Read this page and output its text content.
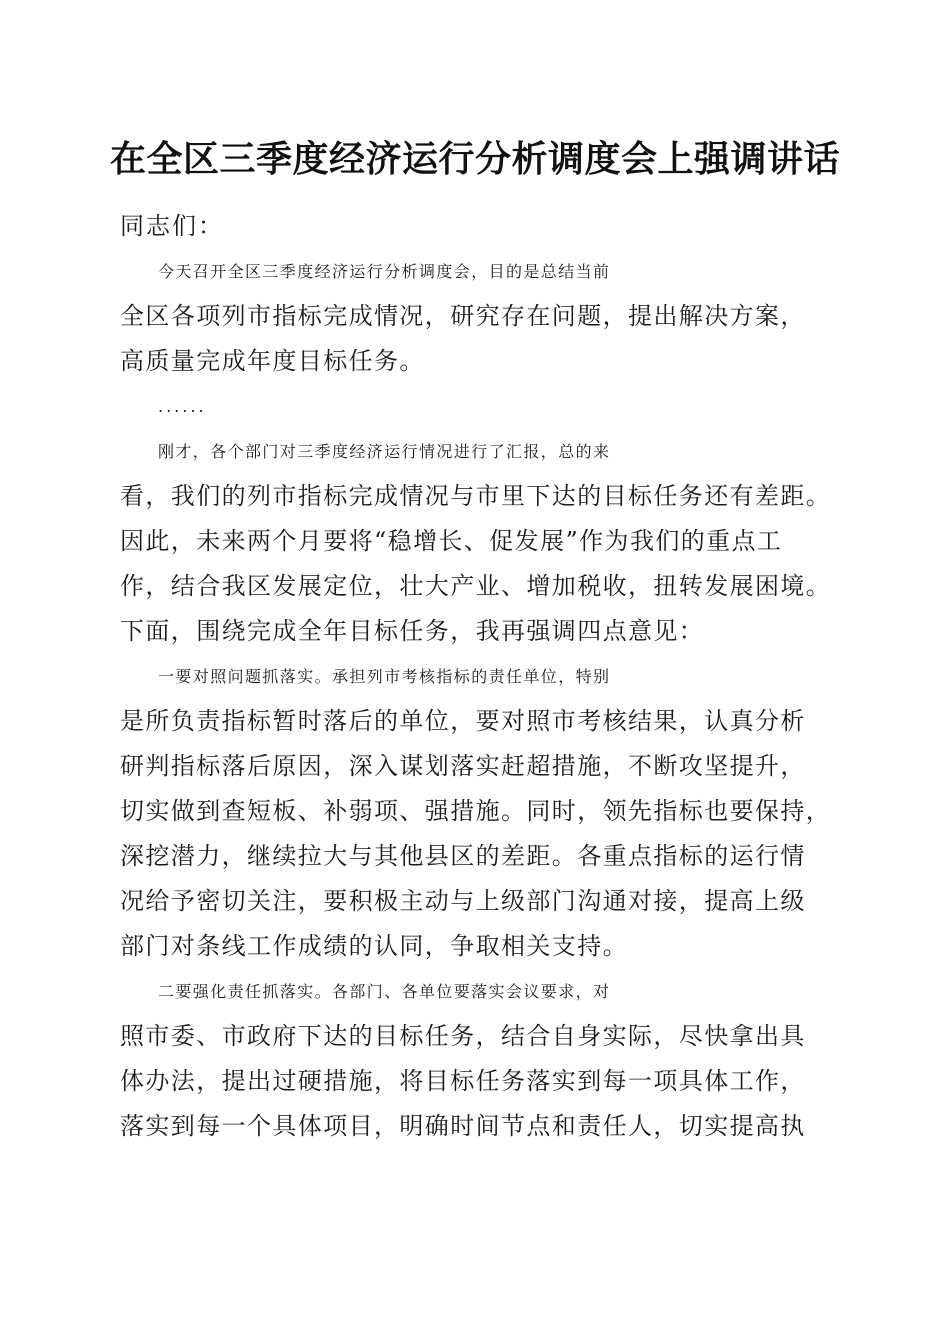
在全区三季度经济运行分析调度会上强调讲话
同志们：
今天召开全区三季度经济运行分析调度会，目的是总结当前
全区各项列市指标完成情况，研究存在问题，提出解决方案，
高质量完成年度目标任务。
......
刚才，各个部门对三季度经济运行情况进行了汇报，总的来
看，我们的列市指标完成情况与市里下达的目标任务还有差距。
因此，未来两个月要将“稳增长、促发展”作为我们的重点工
作，结合我区发展定位，壮大产业、增加税收，扭转发展困境。
下面，围绕完成全年目标任务，我再强调四点意见：
一要对照问题抓落实。承担列市考核指标的责任单位，特别
是所负责指标暂时落后的单位，要对照市考核结果，认真分析
研判指标落后原因，深入谋划落实赶超措施，不断攻坚提升，
切实做到查短板、补弱项、强措施。同时，领先指标也要保持，
深挖潜力，继续拉大与其他县区的差距。各重点指标的运行情
况给予密切关注，要积极主动与上级部门沟通对接，提高上级
部门对条线工作成绩的认同，争取相关支持。
二要强化责任抓落实。各部门、各单位要落实会议要求，对
照市委、市政府下达的目标任务，结合自身实际，尽快拿出具
体办法，提出过硬措施，将目标任务落实到每一项具体工作，
落实到每一个具体项目，明确时间节点和责任人，切实提高执
